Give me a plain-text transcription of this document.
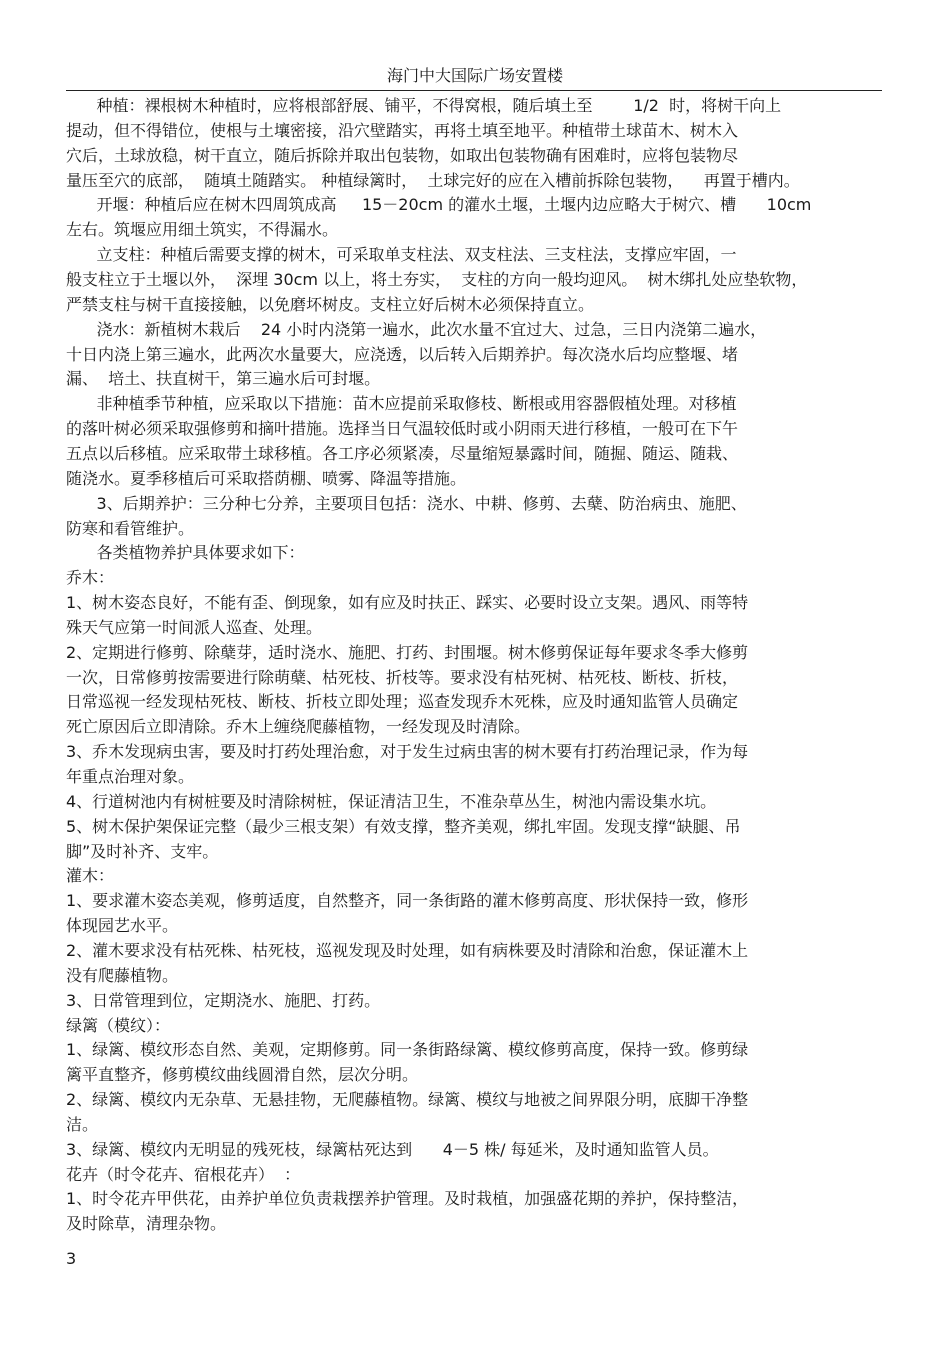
海门中大国际广场安置楼
种植：裸根树木种植时，应将根部舒展、铺平，不得窝根，随后填土至        1/2  时，将树干向上
提动，但不得错位，使根与土壤密接，沿穴壁踏实，再将土填至地平。种植带土球苗木、树木入
穴后，土球放稳，树干直立，随后拆除并取出包装物，如取出包装物确有困难时，应将包装物尽
量压至穴的底部，  随填土随踏实。 种植绿篱时，  土球完好的应在入槽前拆除包装物，    再置于槽内。
开堰：种植后应在树木四周筑成高     15－20cm 的灌水土堰，土堰内边应略大于树穴、槽      10cm
左右。筑堰应用细土筑实，不得漏水。
立支柱：种植后需要支撑的树木，可采取单支柱法、双支柱法、三支柱法，支撑应牢固，一
般支柱立于土堰以外，  深埋 30cm 以上，将土夯实，  支柱的方向一般均迎风。  树木绑扎处应垫软物，
严禁支柱与树干直接接触，以免磨坏树皮。支柱立好后树木必须保持直立。
浇水：新植树木栽后    24 小时内浇第一遍水，此次水量不宜过大、过急，三日内浇第二遍水，
十日内浇上第三遍水，此两次水量要大，应浇透，以后转入后期养护。每次浇水后均应整堰、堵
漏、  培土、扶直树干，第三遍水后可封堰。
非种植季节种植，应采取以下措施：苗木应提前采取修枝、断根或用容器假植处理。对移植
的落叶树必须采取强修剪和摘叶措施。选择当日气温较低时或小阴雨天进行移植，一般可在下午
五点以后移植。应采取带土球移植。各工序必须紧凑，尽量缩短暴露时间，随掘、随运、随栽、
随浇水。夏季移植后可采取搭荫棚、喷雾、降温等措施。
3、后期养护：三分种七分养，主要项目包括：浇水、中耕、修剪、去蘖、防治病虫、施肥、
防寒和看管维护。
各类植物养护具体要求如下：
乔木：
1、树木姿态良好，不能有歪、倒现象，如有应及时扶正、踩实、必要时设立支架。遇风、雨等特
殊天气应第一时间派人巡查、处理。
2、定期进行修剪、除蘖芽，适时浇水、施肥、打药、封围堰。树木修剪保证每年要求冬季大修剪
一次，日常修剪按需要进行除萌蘖、枯死枝、折枝等。要求没有枯死树、枯死枝、断枝、折枝，
日常巡视一经发现枯死枝、断枝、折枝立即处理；巡查发现乔木死株，应及时通知监管人员确定
死亡原因后立即清除。乔木上缠绕爬藤植物，一经发现及时清除。
3、乔木发现病虫害，要及时打药处理治愈，对于发生过病虫害的树木要有打药治理记录，作为每
年重点治理对象。
4、行道树池内有树桩要及时清除树桩，保证清洁卫生，不准杂草丛生，树池内需设集水坑。
5、树木保护架保证完整（最少三根支架）有效支撑，整齐美观，绑扎牢固。发现支撑“缺腿、吊
脚”及时补齐、支牢。
灌木：
1、要求灌木姿态美观，修剪适度，自然整齐，同一条街路的灌木修剪高度、形状保持一致，修形
体现园艺水平。
2、灌木要求没有枯死株、枯死枝，巡视发现及时处理，如有病株要及时清除和治愈，保证灌木上
没有爬藤植物。
3、日常管理到位，定期浇水、施肥、打药。
绿篱（模纹）：
1、绿篱、模纹形态自然、美观，定期修剪。同一条街路绿篱、模纹修剪高度，保持一致。修剪绿
篱平直整齐，修剪模纹曲线圆滑自然，层次分明。
2、绿篱、模纹内无杂草、无悬挂物，无爬藤植物。绿篱、模纹与地被之间界限分明，底脚干净整
洁。
3、绿篱、模纹内无明显的残死枝，绿篱枯死达到      4－5 株/ 每延米，及时通知监管人员。
花卉（时令花卉、宿根花卉）  ：
1、时令花卉甲供花，由养护单位负责栽摆养护管理。及时栽植，加强盛花期的养护，保持整洁，
及时除草，清理杂物。
3
